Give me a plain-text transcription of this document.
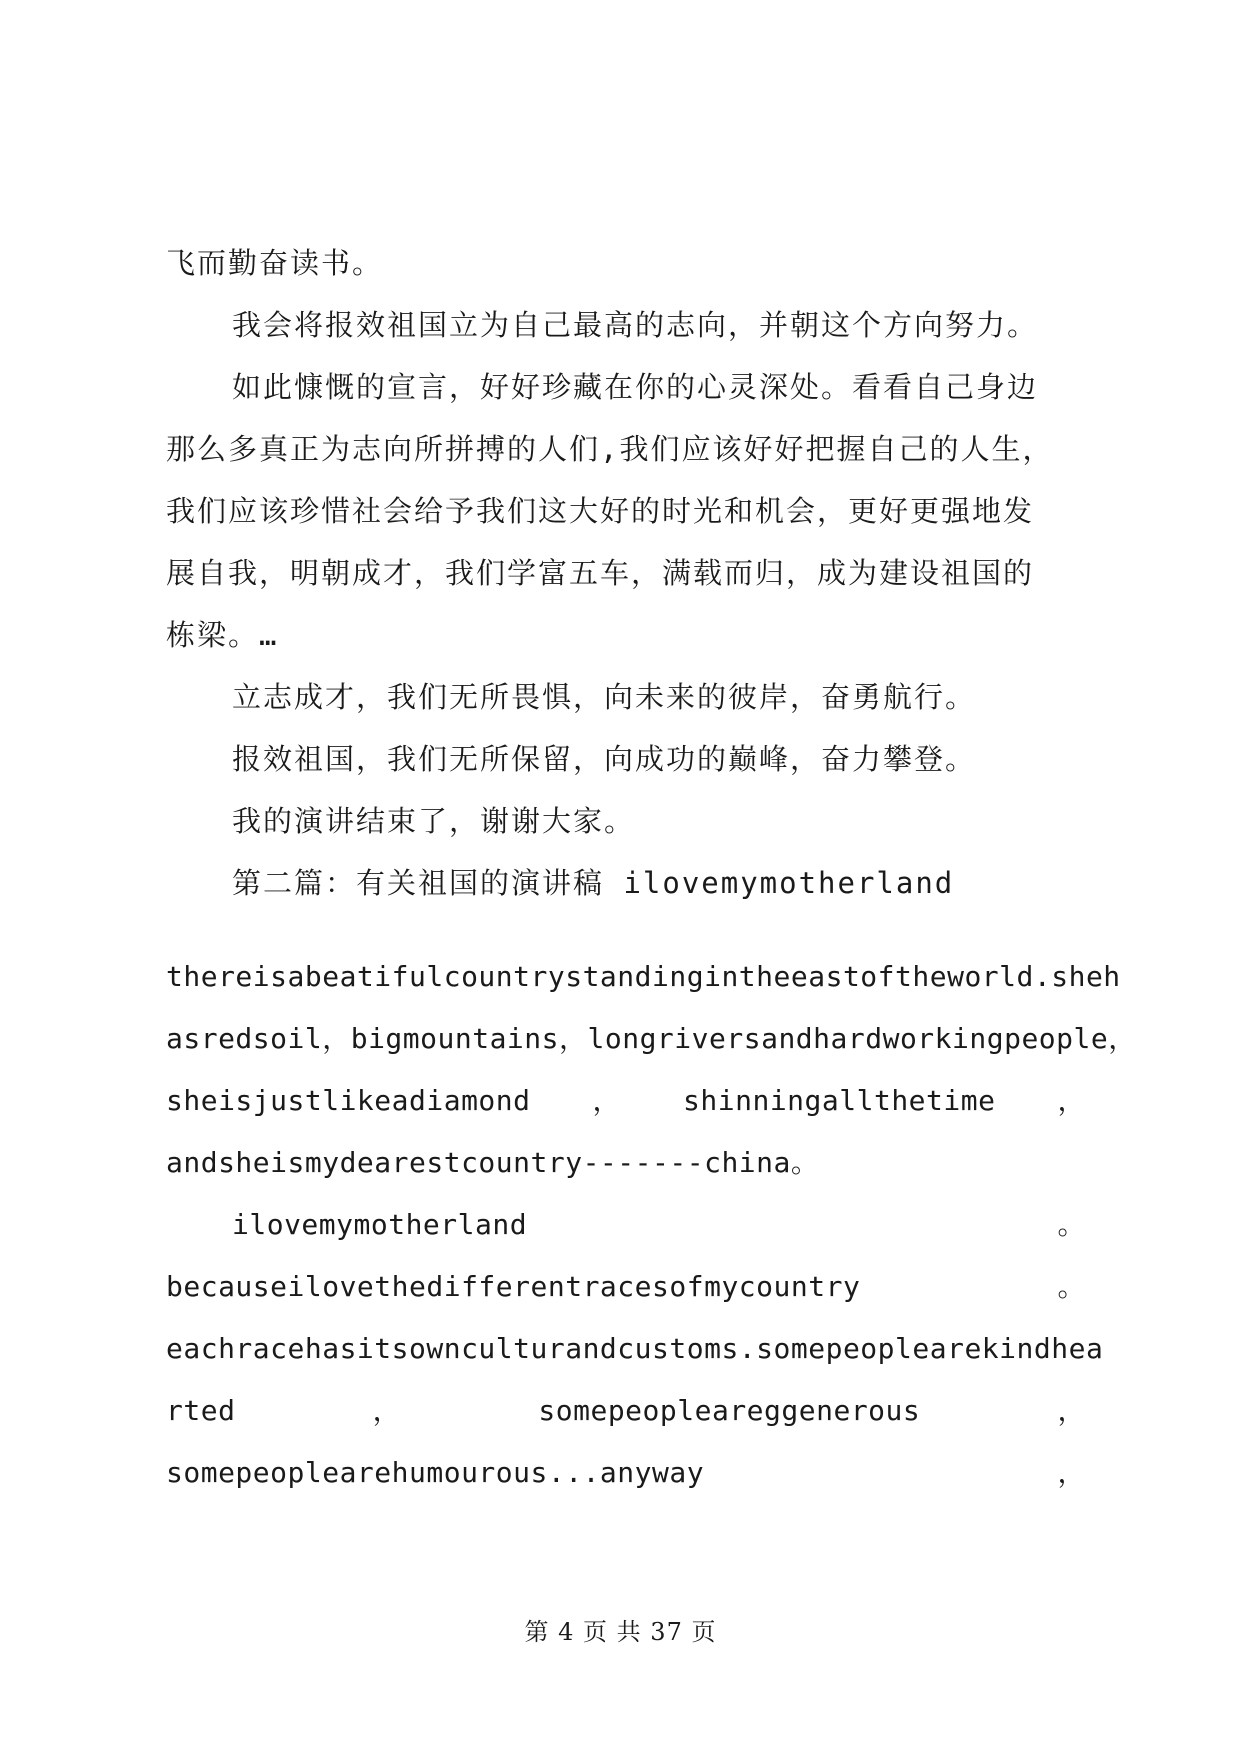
飞而勤奋读书。
我会将报效祖国立为自己最高的志向，并朝这个方向努力。
如此慷慨的宣言，好好珍藏在你的心灵深处。看看自己身边
那么多真正为志向所拼搏的人们,我们应该好好把握自己的人生，
我们应该珍惜社会给予我们这大好的时光和机会，更好更强地发
展自我，明朝成才，我们学富五车，满载而归，成为建设祖国的
栋梁。…
立志成才，我们无所畏惧，向未来的彼岸，奋勇航行。
报效祖国，我们无所保留，向成功的巅峰，奋力攀登。
我的演讲结束了，谢谢大家。
第二篇：有关祖国的演讲稿 ilovemymotherland
thereisabeatifulcountrystandingintheeastoftheworld.sheh
asredsoil，bigmountains，longriversandhardworkingpeople，
sheisjustlikeadiamond ， shinningallthetime ，
andsheismydearestcountry-------china。
ilovemymotherland	。
becauseilovethedifferentracesofmycountry	。
eachracehasitsownculturandcustoms.somepeoplearekindhea
rted	，	somepeopleareggenerous	，
somepeoplearehumourous...anyway	，
第 4 页 共 37 页
